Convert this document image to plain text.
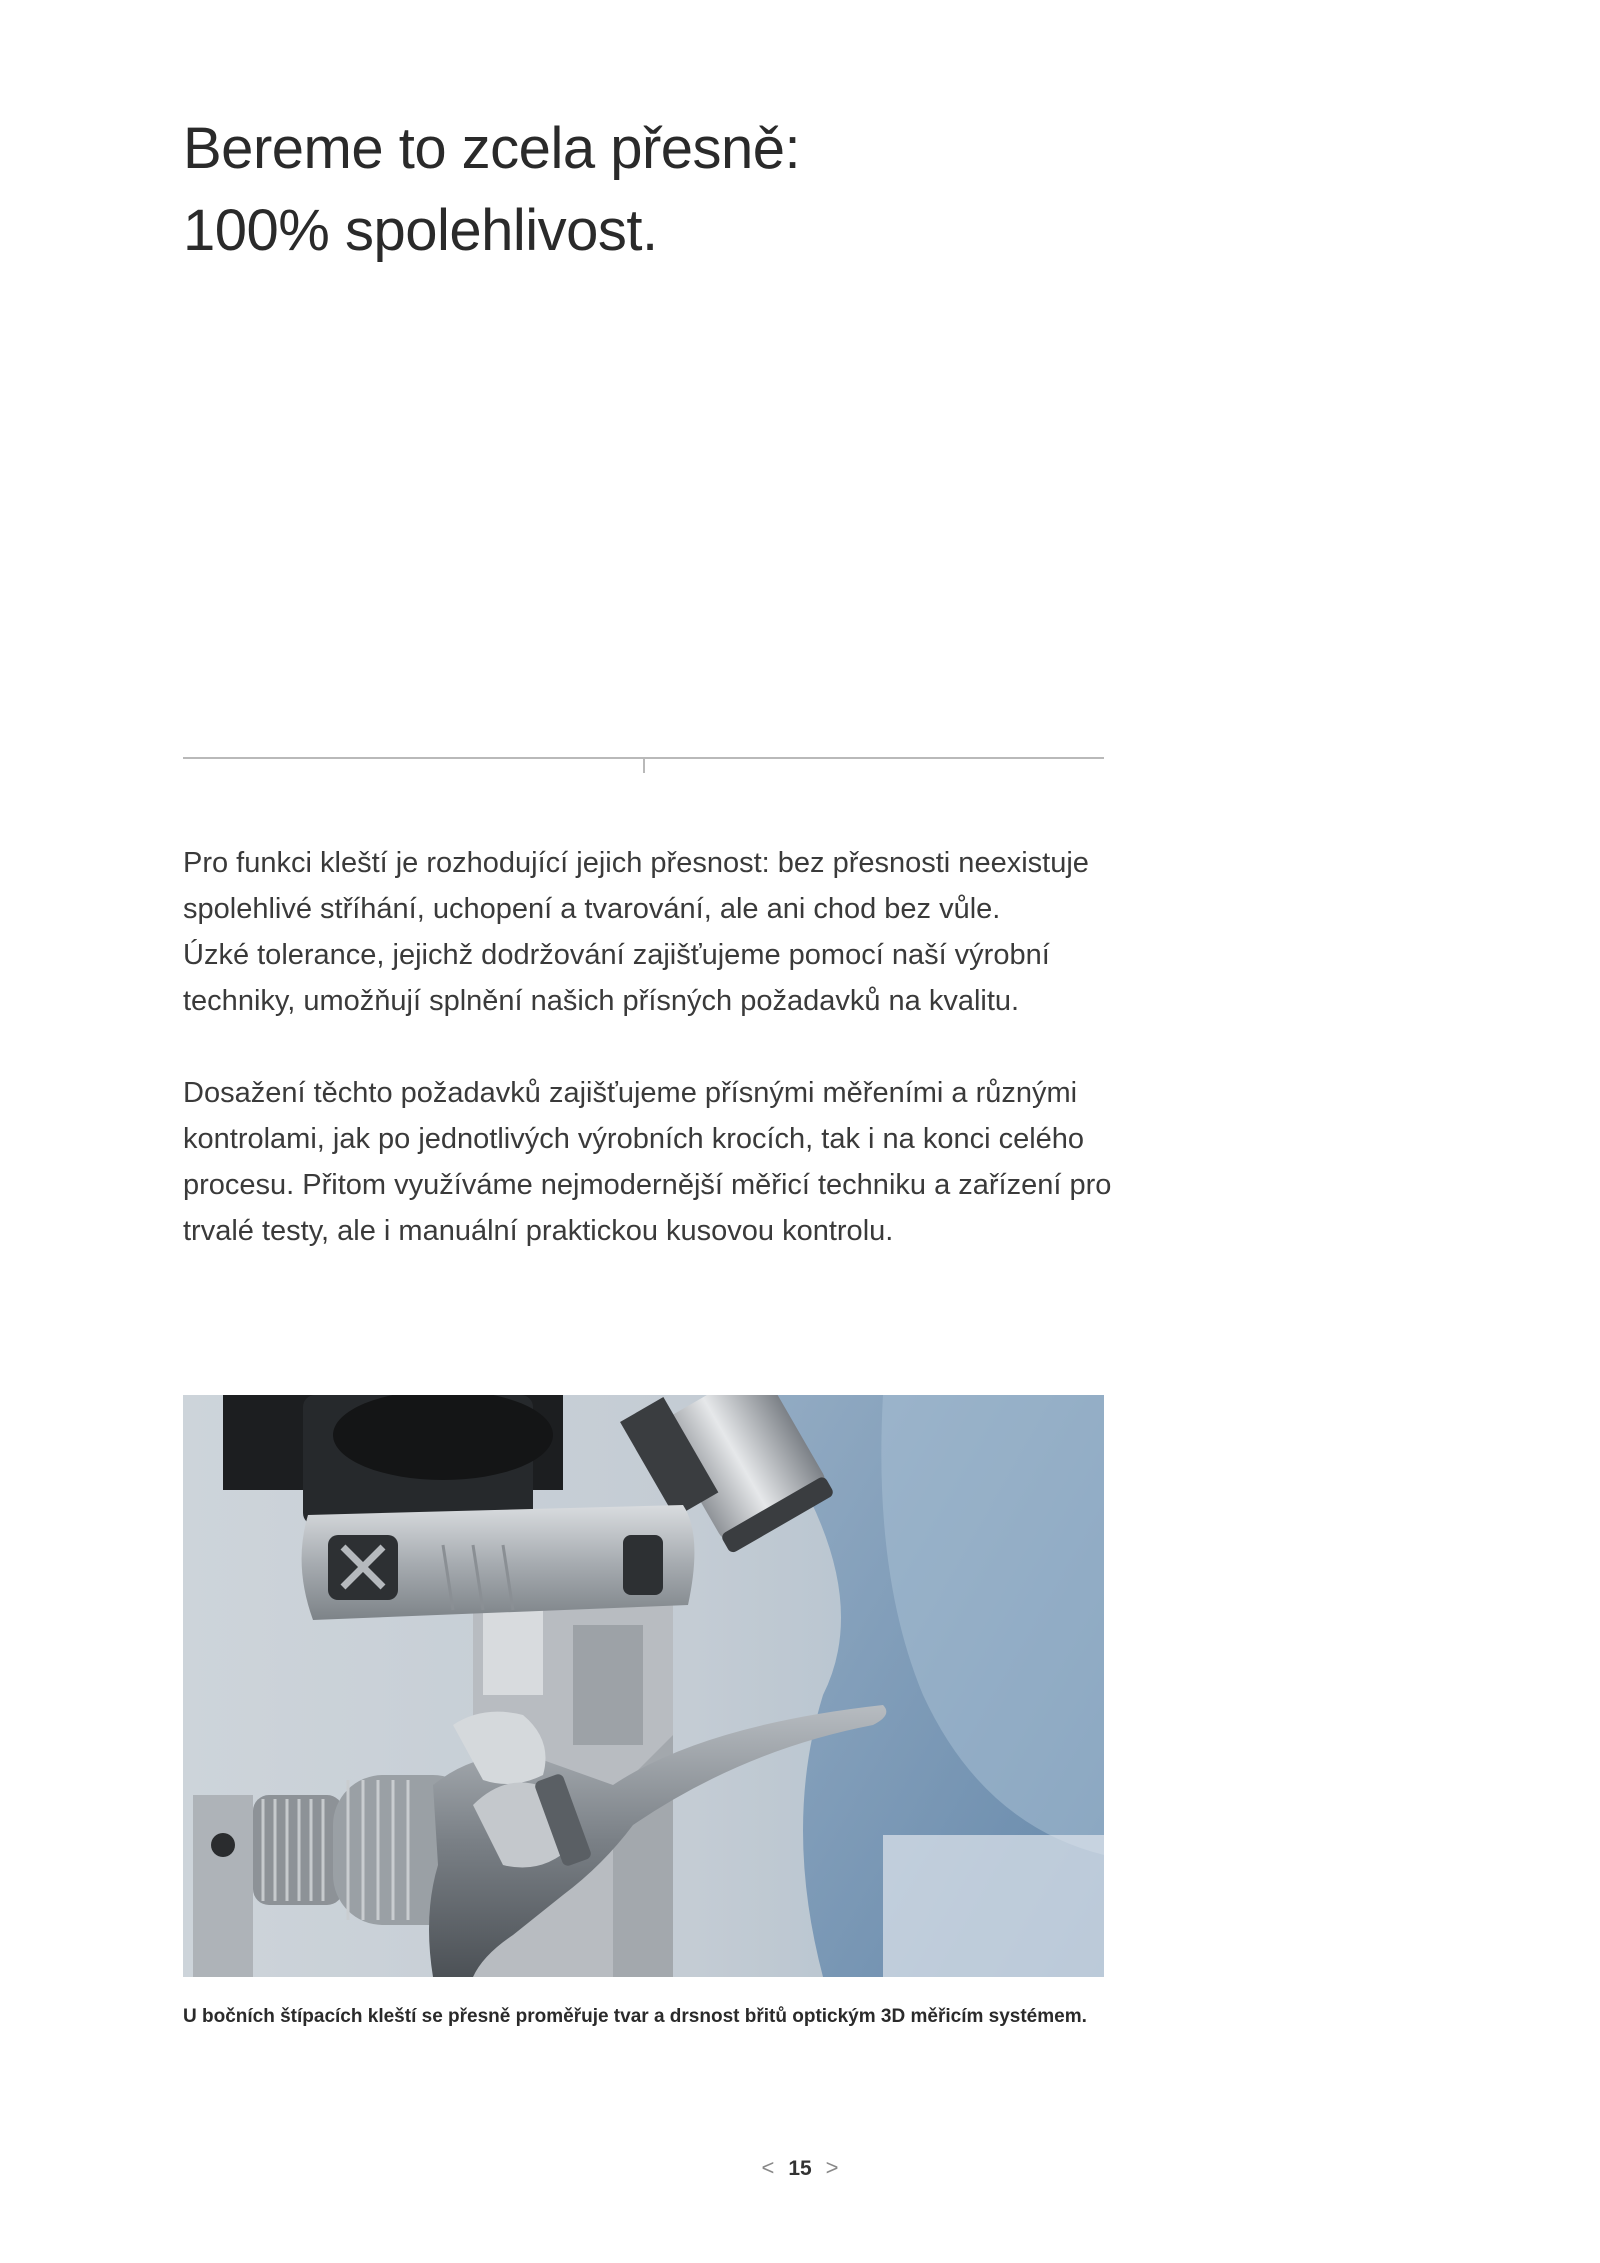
Bereme to zcela přesně:
100% spolehlivost.
Pro funkci kleští je rozhodující jejich přesnost: bez přesnosti neexistuje
spolehlivé stříhání, uchopení a tvarování, ale ani chod bez vůle.
Úzké tolerance, jejichž dodržování zajišťujeme pomocí naší výrobní
techniky, umožňují splnění našich přísných požadavků na kvalitu.
Dosažení těchto požadavků zajišťujeme přísnými měřeními a různými
kontrolami, jak po jednotlivých výrobních krocích, tak i na konci celého
procesu. Přitom využíváme nejmodernější měřicí techniku a zařízení pro
trvalé testy, ale i manuální praktickou kusovou kontrolu.

U bočních štípacích kleští se přesně proměřuje tvar a drsnost břitů optickým 3D měřicím systémem.

< 15 >
